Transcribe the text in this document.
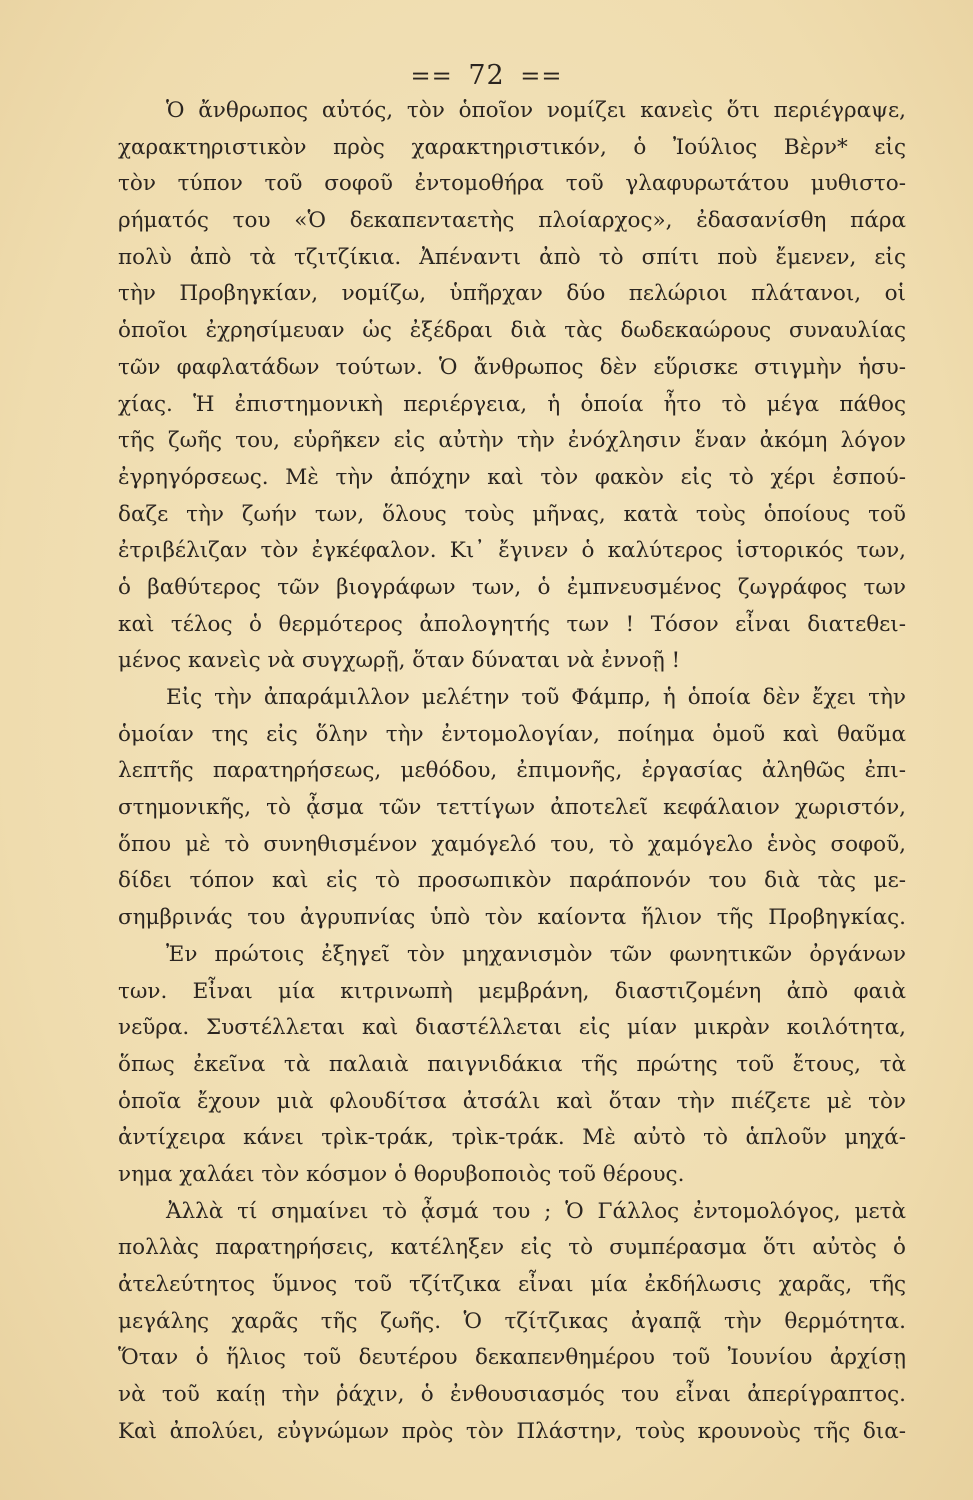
== 72 ==
Ὁ ἄνθρωπος αὐτός, τὸν ὁποῖον νομίζει κανεὶς ὅτι περιέγραψε,
χαρακτηριστικὸν πρὸς χαρακτηριστικόν, ὁ Ἰούλιος Βὲρν* εἰς
τὸν τύπον τοῦ σοφοῦ ἐντομοθήρα τοῦ γλαφυρωτάτου μυθιστο-
ρήματός του «Ὁ δεκαπενταετὴς πλοίαρχος», ἐδασανίσθη πάρα
πολὺ ἀπὸ τὰ τζιτζίκια. Ἀπέναντι ἀπὸ τὸ σπίτι ποὺ ἔμενεν, εἰς
τὴν Προβηγκίαν, νομίζω, ὑπῆρχαν δύο πελώριοι πλάτανοι, οἱ
ὁποῖοι ἐχρησίμευαν ὡς ἐξέδραι διὰ τὰς δωδεκαώρους συναυλίας
τῶν φαφλατάδων τούτων. Ὁ ἄνθρωπος δὲν εὕρισκε στιγμὴν ἡσυ-
χίας. Ἡ ἐπιστημονικὴ περιέργεια, ἡ ὁποία ἦτο τὸ μέγα πάθος
τῆς ζωῆς του, εὑρῆκεν εἰς αὐτὴν τὴν ἐνόχλησιν ἕναν ἀκόμη λόγον
ἐγρηγόρσεως. Μὲ τὴν ἀπόχην καὶ τὸν φακὸν εἰς τὸ χέρι ἐσπού-
δαζε τὴν ζωήν των, ὅλους τοὺς μῆνας, κατὰ τοὺς ὁποίους τοῦ
ἐτριβέλιζαν τὸν ἐγκέφαλον. Κι᾿ ἔγινεν ὁ καλύτερος ἱστορικός των,
ὁ βαθύτερος τῶν βιογράφων των, ὁ ἐμπνευσμένος ζωγράφος των
καὶ τέλος ὁ θερμότερος ἀπολογητής των ! Τόσον εἶναι διατεθει-
μένος κανεὶς νὰ συγχωρῇ, ὅταν δύναται νὰ ἐννοῇ !
Εἰς τὴν ἀπαράμιλλον μελέτην τοῦ Φάμπρ, ἡ ὁποία δὲν ἔχει τὴν
ὁμοίαν της εἰς ὅλην τὴν ἐντομολογίαν, ποίημα ὁμοῦ καὶ θαῦμα
λεπτῆς παρατηρήσεως, μεθόδου, ἐπιμονῆς, ἐργασίας ἀληθῶς ἐπι-
στημονικῆς, τὸ ᾆσμα τῶν τεττίγων ἀποτελεῖ κεφάλαιον χωριστόν,
ὅπου μὲ τὸ συνηθισμένον χαμόγελό του, τὸ χαμόγελο ἑνὸς σοφοῦ,
δίδει τόπον καὶ εἰς τὸ προσωπικὸν παράπονόν του διὰ τὰς με-
σημβρινάς του ἀγρυπνίας ὑπὸ τὸν καίοντα ἥλιον τῆς Προβηγκίας.
Ἐν πρώτοις ἐξηγεῖ τὸν μηχανισμὸν τῶν φωνητικῶν ὀργάνων
των. Εἶναι μία κιτρινωπὴ μεμβράνη, διαστιζομένη ἀπὸ φαιὰ
νεῦρα. Συστέλλεται καὶ διαστέλλεται εἰς μίαν μικρὰν κοιλότητα,
ὅπως ἐκεῖνα τὰ παλαιὰ παιγνιδάκια τῆς πρώτης τοῦ ἔτους, τὰ
ὁποῖα ἔχουν μιὰ φλουδίτσα ἀτσάλι καὶ ὅταν τὴν πιέζετε μὲ τὸν
ἀντίχειρα κάνει τρὶκ-τράκ, τρὶκ-τράκ. Μὲ αὐτὸ τὸ ἁπλοῦν μηχά-
νημα χαλάει τὸν κόσμον ὁ θορυβοποιὸς τοῦ θέρους.
Ἀλλὰ τί σημαίνει τὸ ᾆσμά του ; Ὁ Γάλλος ἐντομολόγος, μετὰ
πολλὰς παρατηρήσεις, κατέληξεν εἰς τὸ συμπέρασμα ὅτι αὐτὸς ὁ
ἀτελεύτητος ὕμνος τοῦ τζίτζικα εἶναι μία ἐκδήλωσις χαρᾶς, τῆς
μεγάλης χαρᾶς τῆς ζωῆς. Ὁ τζίτζικας ἀγαπᾷ τὴν θερμότητα.
Ὅταν ὁ ἥλιος τοῦ δευτέρου δεκαπενθημέρου τοῦ Ἰουνίου ἀρχίσῃ
νὰ τοῦ καίῃ τὴν ῥάχιν, ὁ ἐνθουσιασμός του εἶναι ἀπερίγραπτος.
Καὶ ἀπολύει, εὐγνώμων πρὸς τὸν Πλάστην, τοὺς κρουνοὺς τῆς δια-
